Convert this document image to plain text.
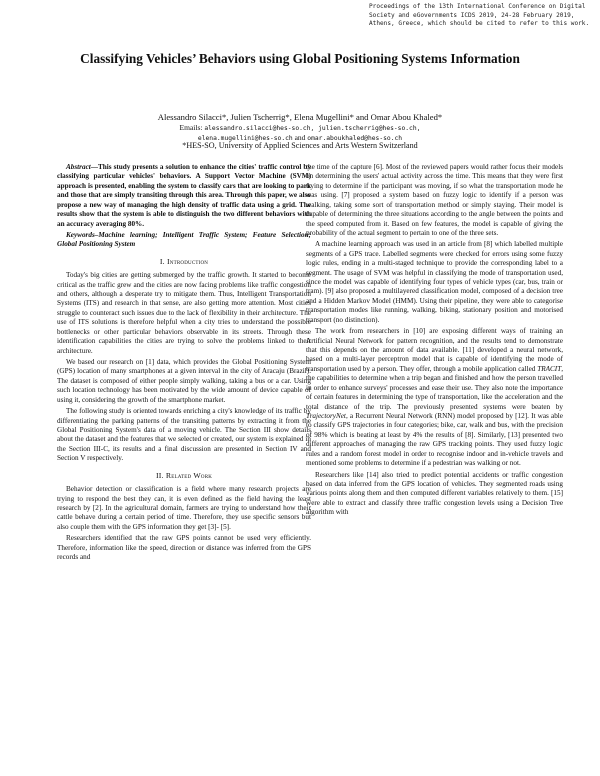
Proceedings of the 13th International Conference on Digital Society and eGovernments ICDS 2019, 24-28 February 2019, Athens, Greece, which should be cited to refer to this work.
Classifying Vehicles’ Behaviors using Global Positioning Systems Information
Alessandro Silacci*, Julien Tscherrig*, Elena Mugellini* and Omar Abou Khaled*
Emails: alessandro.silacci@hes-so.ch, julien.tscherrig@hes-so.ch,
elena.mugellini@hes-so.ch and omar.aboukhaled@hes-so.ch
*HES-SO, University of Applied Sciences and Arts Western Switzerland

Abstract—This study presents a solution to enhance the cities' traffic control by classifying particular vehicles' behaviors. A Support Vector Machine (SVM) approach is presented, enabling the system to classify cars that are looking to park and those that are simply transiting through this area. Through this paper, we also propose a new way of managing the high density of traffic data using a grid. The results show that the system is able to distinguish the two different behaviors with an accuracy averaging 80%.

Keywords–Machine learning; Intelligent Traffic System; Feature Selection; Global Positioning System

I. Introduction

Today's big cities are getting submerged by the traffic growth. It started to become critical as the traffic grew and the cities are now facing problems like traffic congestion and others, although a desperate try to mitigate them. Thus, Intelligent Transportation Systems (ITS) and research in that sense, are also getting more attention. Most cities struggle to counteract such issues due to the lack of flexibility in their architecture. The use of ITS solutions is therefore helpful when a city tries to understand the possible bottlenecks or other particular behaviors observable in its streets. Through these identification capabilities the cities are trying to solve the problems linked to their architecture.

We based our research on [1] data, which provides the Global Positioning System (GPS) location of many smartphones at a given interval in the city of Aracaju (Brazil). The dataset is composed of either people simply walking, taking a bus or a car. Using such location technology has been motivated by the wide amount of device capable of using it, considering the growth of the smartphone market.

The following study is oriented towards enriching a city's knowledge of its traffic by differentiating the parking patterns of the transiting patterns by extracting it from the Global Positioning System's data of a moving vehicle. The Section III show details about the dataset and the features that we selected or created, our system is explained in the Section III-C, its results and a final discussion are presented in Section IV and Section V respectively.

II. Related Work

Behavior detection or classification is a field where many research projects are trying to respond the best they can, it is even defined as the field having the least research by [2]. In the agricultural domain, farmers are trying to understand how their cattle behave during a certain period of time. Therefore, they use specific sensors but also couple them with the GPS information they get [3]- [5].

Researchers identified that the raw GPS points cannot be used very efficiently. Therefore, information like the speed, direction or distance was inferred from the GPS records and

the time of the capture [6]. Most of the reviewed papers would rather focus their models on determining the users' actual activity across the time. This means that they were first trying to determine if the participant was moving, if so what the transportation mode he was using. [7] proposed a system based on fuzzy logic to identify if a person was walking, taking some sort of transportation method or simply staying. Their model is capable of determining the three situations according to the angle between the points and the speed computed from it. Based on few features, the model is capable of giving the probability of the actual segment to pertain to one of the three sets.

A machine learning approach was used in an article from [8] which labelled multiple segments of a GPS trace. Labelled segments were checked for errors using some fuzzy logic rules, ending in a multi-staged technique to provide the corresponding label to a segment. The usage of SVM was helpful in classifying the mode of transportation used, since the model was capable of identifying four types of vehicle types (car, bus, train or tram). [9] also proposed a multilayered classification model, composed of a decision tree and a Hidden Markov Model (HMM). Using their pipeline, they were able to categorise transportation modes like running, walking, biking, stationary position and motorised transport (no distinction).

The work from researchers in [10] are exposing different ways of training an Artificial Neural Network for pattern recognition, and the results tend to demonstrate that this depends on the amount of data available. [11] developed a neural network, based on a multi-layer perceptron model that is capable of identifying the mode of transportation used by a person. They offer, through a mobile application called TRACIT, the capabilities to determine when a trip began and finished and how the person travelled in order to enhance surveys' processes and ease their use. They also note the importance of certain features in determining the type of transportation, like the acceleration and the total distance of the trip. The previously presented systems were beaten by TrajectoryNet, a Recurrent Neural Network (RNN) model proposed by [12]. It was able to classify GPS trajectories in four categories; bike, car, walk and bus, with the precision of 98% which is beating at least by 4% the results of [8]. Similarly, [13] presented two different approaches of managing the raw GPS tracking points. They used fuzzy logic rules and a random forest model in order to recognise indoor and in-vehicle travels and mentioned some problems to determine if a pedestrian was walking or not.

Researchers like [14] also tried to predict potential accidents or traffic congestion based on data inferred from the GPS location of vehicles. They segmented roads using various points along them and then computed different variables relatively to them. [15] were able to extract and classify three traffic congestion levels using a Decision Tree algorithm with
